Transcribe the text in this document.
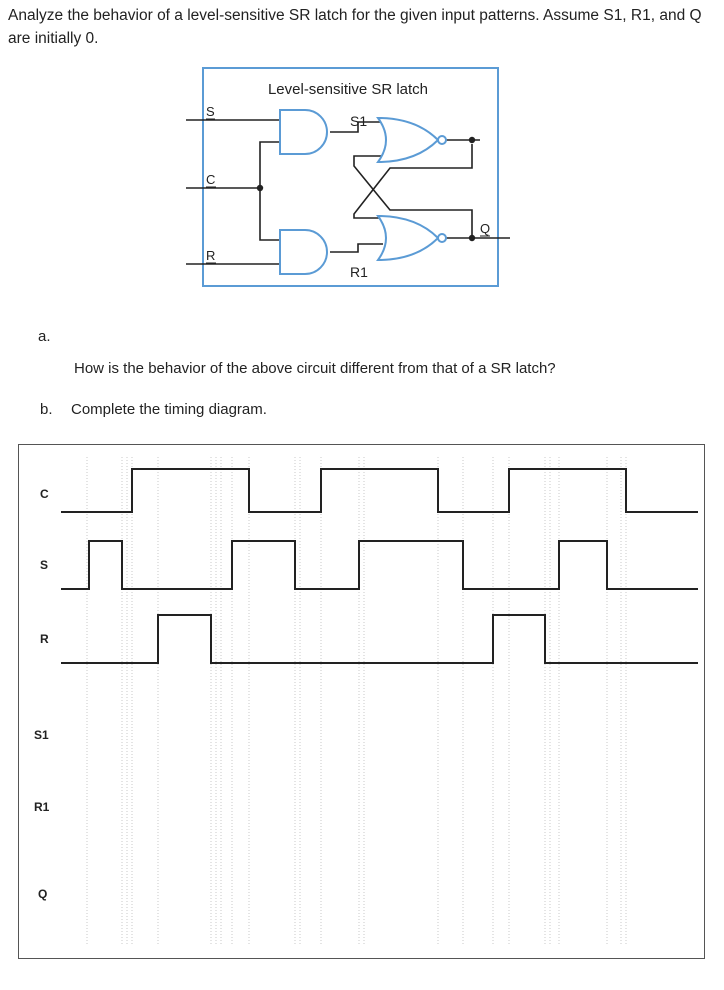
Analyze the behavior of a level-sensitive SR latch for the given input patterns. Assume S1, R1, and Q are initially 0.
Level-sensitive SR latch
S
C
R
S1
R1
Q
a.
How is the behavior of the above circuit different from that of a SR latch?
b. Complete the timing diagram.
C
S
R
S1
R1
Q
